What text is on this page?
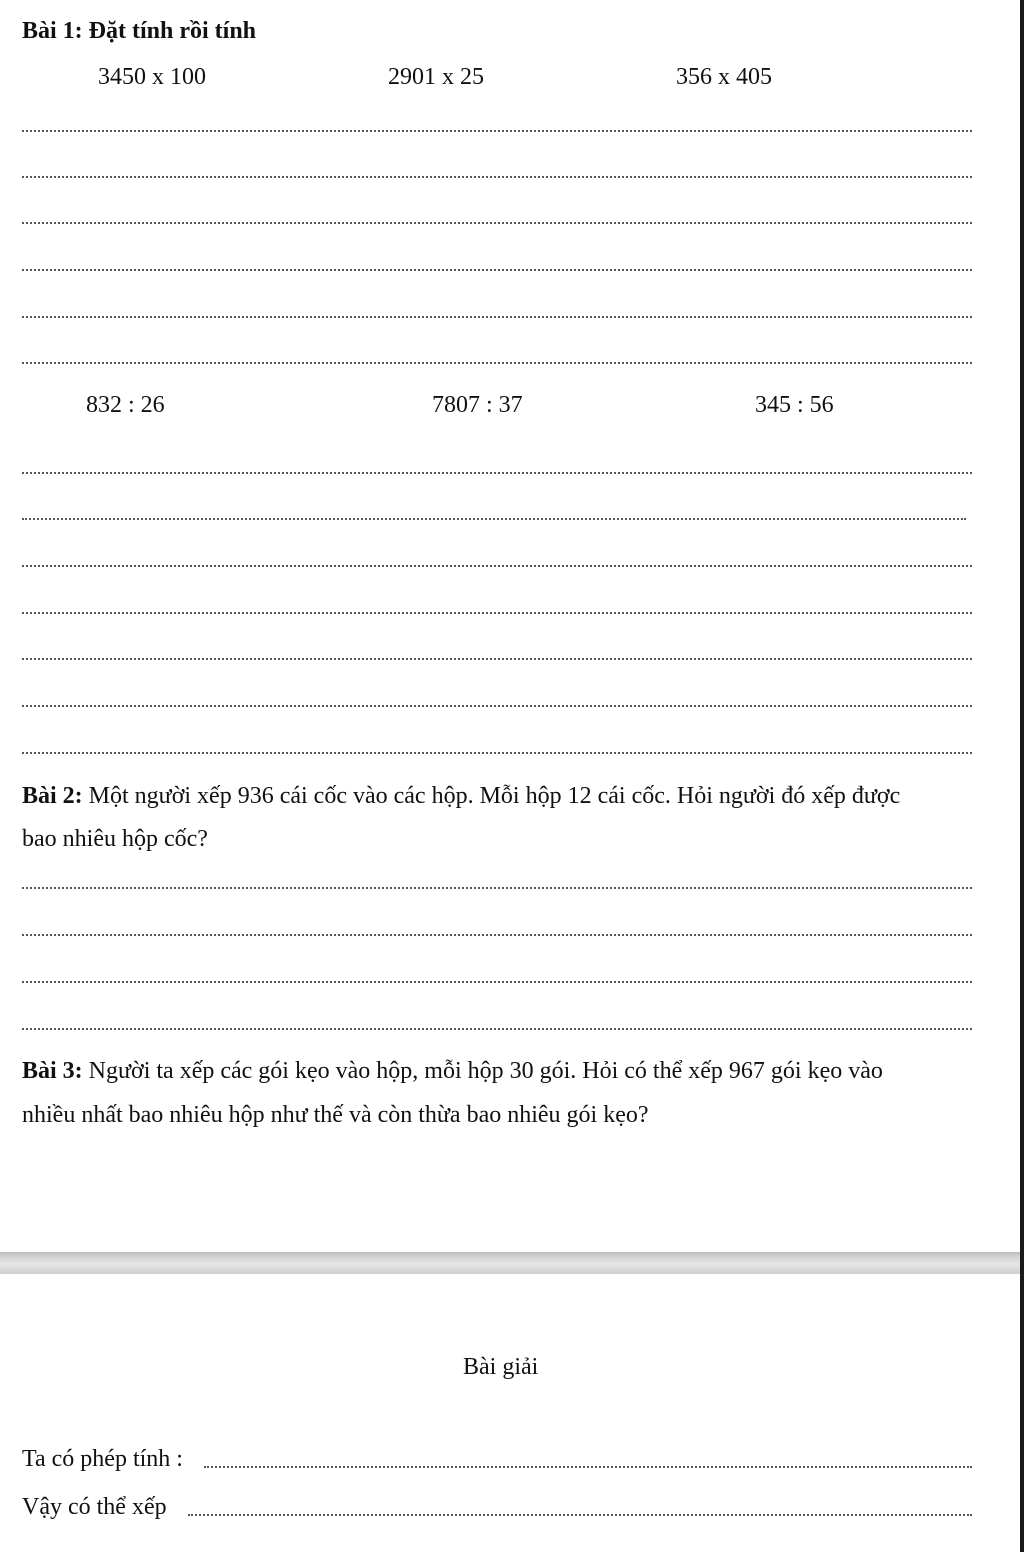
Bài 1: Đặt tính rồi tính
3450 x 100	2901 x 25	356 x 405
832 : 26	7807 : 37	345 : 56
Bài 2: Một người xếp 936 cái cốc vào các hộp. Mỗi hộp 12 cái cốc. Hỏi người đó xếp được
bao nhiêu hộp cốc?
Bài 3: Người ta xếp các gói kẹo vào hộp, mỗi hộp 30 gói. Hỏi có thể xếp 967 gói kẹo vào
nhiều nhất bao nhiêu hộp như thế và còn thừa bao nhiêu gói kẹo?
Bài giải
Ta có phép tính :
Vậy có thể xếp
